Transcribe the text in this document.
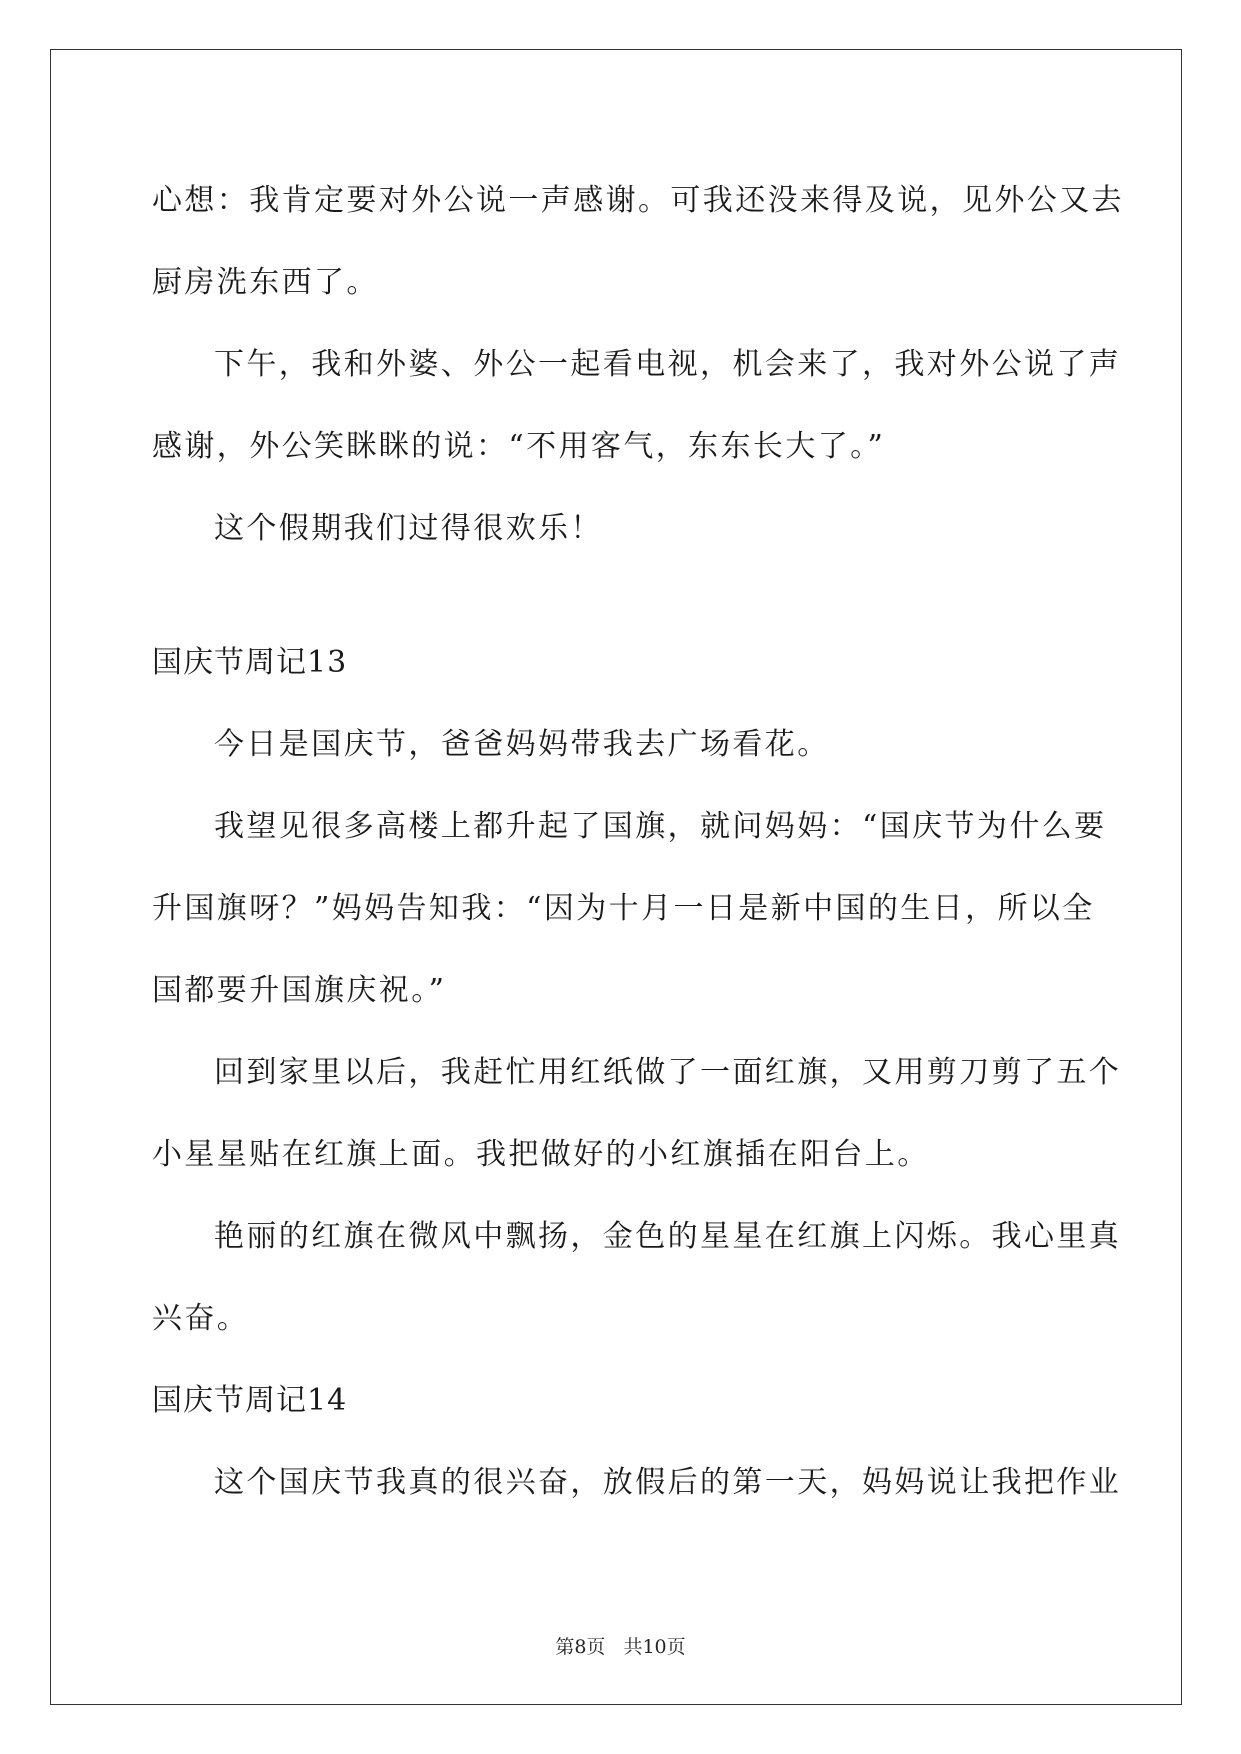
心想：我肯定要对外公说一声感谢。可我还没来得及说，见外公又去
厨房洗东西了。
下午，我和外婆、外公一起看电视，机会来了，我对外公说了声
感谢，外公笑眯眯的说：“不用客气，东东长大了。”
这个假期我们过得很欢乐！
国庆节周记13
今日是国庆节，爸爸妈妈带我去广场看花。
我望见很多高楼上都升起了国旗，就问妈妈：“国庆节为什么要
升国旗呀？”妈妈告知我：“因为十月一日是新中国的生日，所以全
国都要升国旗庆祝。”
回到家里以后，我赶忙用红纸做了一面红旗，又用剪刀剪了五个
小星星贴在红旗上面。我把做好的小红旗插在阳台上。
艳丽的红旗在微风中飘扬，金色的星星在红旗上闪烁。我心里真
兴奋。
国庆节周记14
这个国庆节我真的很兴奋，放假后的第一天，妈妈说让我把作业
第8页 共10页
